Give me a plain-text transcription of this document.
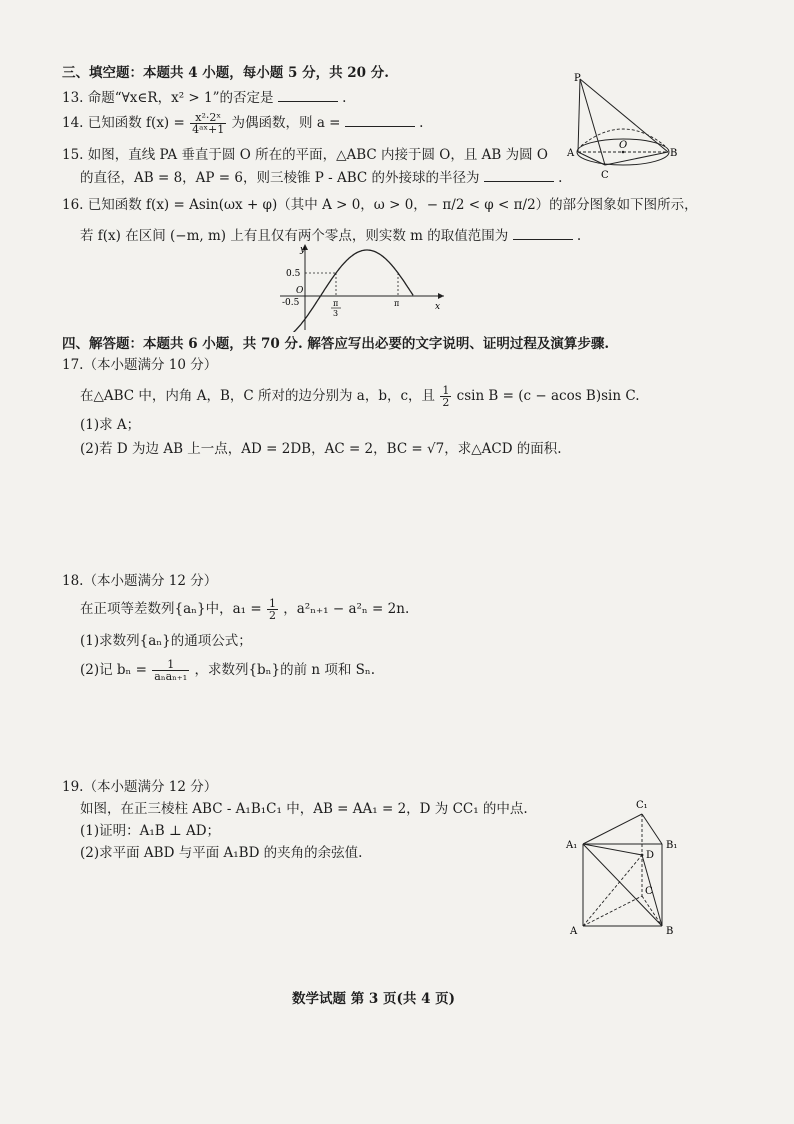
三、填空题：本题共 4 小题，每小题 5 分，共 20 分.
13. 命题“∀x∈R，x² > 1”的否定是	.
14. 已知函数 $f(x) = \frac{\text{x²·2ˣ}}{\text{4ᵃˣ+1}}$ 为偶函数，则 a =	.
15. 如图，直线 PA 垂直于圆 O 所在的平面，△ABC 内接于圆 O，且 AB 为圆 O
的直径，AB = 8，AP = 6，则三棱锥 P - ABC 的外接球的半径为	.
P
A
O
B
C
16. 已知函数 f(x) = Asin(ωx + φ)（其中 A > 0，ω > 0，− π/2 < φ < π/2）的部分图象如下图所示，
若 f(x) 在区间 (−m, m) 上有且仅有两个零点，则实数 m 的取值范围为	.
y
x
O
0.5
-0.5	π
3
π
四、解答题：本题共 6 小题，共 70 分. 解答应写出必要的文字说明、证明过程及演算步骤.
17.（本小题满分 10 分）
在△ABC 中，内角 A，B，C 所对的边分别为 a，b，c，且 $\frac{1}{2}$ csin B = (c − acos B)sin C.
(1)求 A；
(2)若 D 为边 AB 上一点，AD = 2DB，AC = 2，BC = √7，求△ACD 的面积.
18.（本小题满分 12 分）
在正项等差数列{aₙ}中，$a_1 = \frac{1}{2}$ ，a²ₙ₊₁ − a²ₙ = 2n.
(1)求数列{aₙ}的通项公式；
(2)记 $b_n = \frac{1}{\text{aₙaₙ₊₁}}$ ，求数列{bₙ}的前 n 项和 Sₙ.
19.（本小题满分 12 分）
如图，在正三棱柱 ABC - A₁B₁C₁ 中，AB = AA₁ = 2，D 为 CC₁ 的中点.
(1)证明：A₁B ⊥ AD；
(2)求平面 ABD 与平面 A₁BD 的夹角的余弦值.
C₁
A₁	B₁
D
C
A	B
数学试题 第 3 页(共 4 页)
